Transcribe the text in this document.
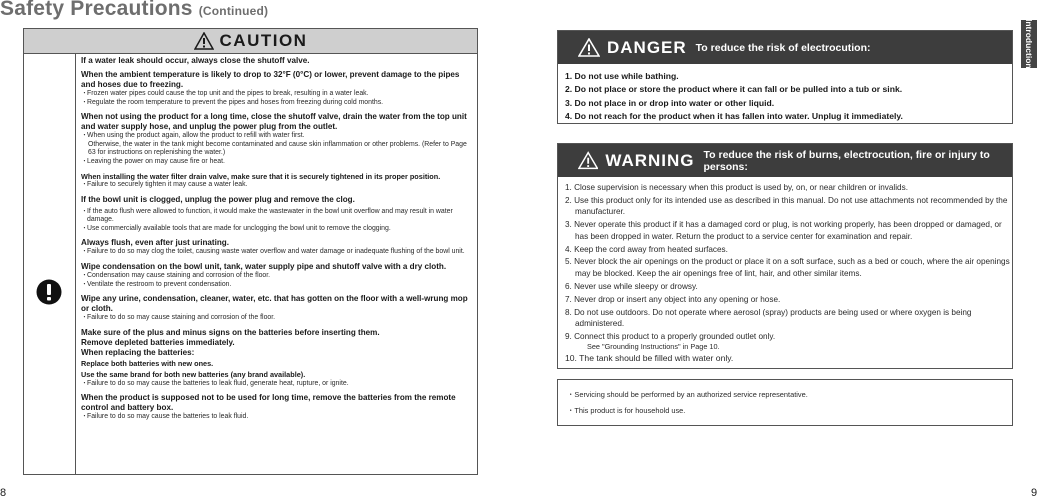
Safety Precautions (Continued)
CAUTION

If a water leak should occur, always close the shutoff valve.

When the ambient temperature is likely to drop to 32°F (0°C) or lower, prevent damage to the pipes and hoses due to freezing.

・Frozen water pipes could cause the top unit and the pipes to break, resulting in a water leak.

・Regulate the room temperature to prevent the pipes and hoses from freezing during cold months.

When not using the product for a long time, close the shutoff valve, drain the water from the top unit and water supply hose, and unplug the power plug from the outlet.

・When using the product again, allow the product to refill with water first.

Otherwise, the water in the tank might become contaminated and cause skin inflammation or other problems. (Refer to Page 63 for instructions on replenishing the water.)

・Leaving the power on may cause fire or heat.

When installing the water filter drain valve, make sure that it is securely tightened in its proper position.

・Failure to securely tighten it may cause a water leak.

If the bowl unit is clogged, unplug the power plug and remove the clog.

・If the auto flush were allowed to function, it would make the wastewater in the bowl unit overflow and may result in water damage.

・Use commercially available tools that are made for unclogging the bowl unit to remove the clogging.

Always flush, even after just urinating.

・Failure to do so may clog the toilet, causing waste water overflow and water damage or inadequate flushing of the bowl unit.

Wipe condensation on the bowl unit, tank, water supply pipe and shutoff valve with a dry cloth.

・Condensation may cause staining and corrosion of the floor.

・Ventilate the restroom to prevent condensation.

Wipe any urine, condensation, cleaner, water, etc. that has gotten on the floor with a well-wrung mop or cloth.

・Failure to do so may cause staining and corrosion of the floor.

Make sure of the plus and minus signs on the batteries before inserting them.

Remove depleted batteries immediately.

When replacing the batteries:

Replace both batteries with new ones.

Use the same brand for both new batteries (any brand available).

・Failure to do so may cause the batteries to leak fluid, generate heat, rupture, or ignite.

When the product is supposed not to be used for long time, remove the batteries from the remote control and battery box.

・Failure to do so may cause the batteries to leak fluid.

DANGER To reduce the risk of electrocution:
1. Do not use while bathing.
2. Do not place or store the product where it can fall or be pulled into a tub or sink.
3. Do not place in or drop into water or other liquid.
4. Do not reach for the product when it has fallen into water. Unplug it immediately.
WARNING To reduce the risk of burns, electrocution, fire or injury to persons:
1. Close supervision is necessary when this product is used by, on, or near children or invalids.
2. Use this product only for its intended use as described in this manual. Do not use attachments not recommended by the manufacturer.
3. Never operate this product if it has a damaged cord or plug, is not working properly, has been dropped or damaged, or has been dropped in water. Return the product to a service center for examination and repair.
4. Keep the cord away from heated surfaces.
5. Never block the air openings on the product or place it on a soft surface, such as a bed or couch, where the air openings may be blocked. Keep the air openings free of lint, hair, and other similar items.
6. Never use while sleepy or drowsy.
7. Never drop or insert any object into any opening or hose.
8. Do not use outdoors. Do not operate where aerosol (spray) products are being used or where oxygen is being administered.
9. Connect this product to a properly grounded outlet only.
See "Grounding Instructions" in Page 10.
10. The tank should be filled with water only.

・Servicing should be performed by an authorized service representative.

・This product is for household use.

Introduction
8	9
